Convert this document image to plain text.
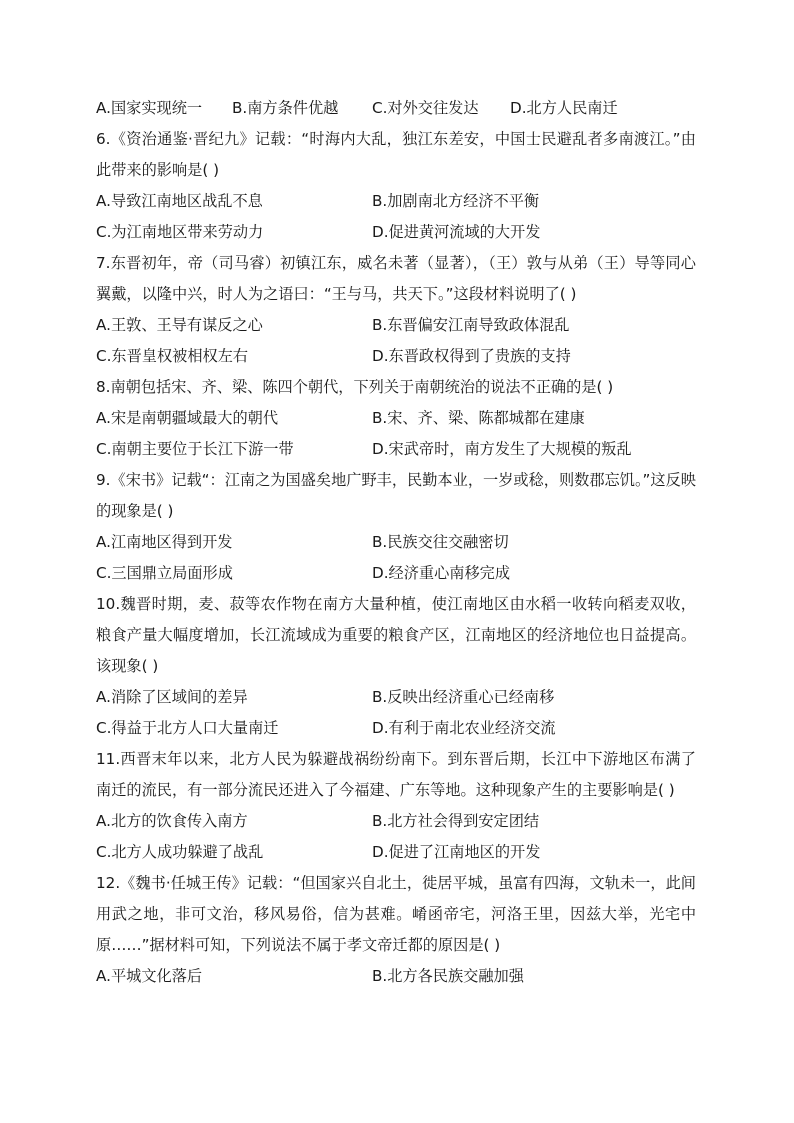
A.国家实现统一 B.南方条件优越 C.对外交往发达 D.北方人民南迁
6.《资治通鉴·晋纪九》记载：“时海内大乱，独江东差安，中国士民避乱者多南渡江。”由此带来的影响是( )
A.导致江南地区战乱不息	B.加剧南北方经济不平衡
C.为江南地区带来劳动力	D.促进黄河流域的大开发
7.东晋初年，帝（司马睿）初镇江东，威名未著（显著），（王）敦与从弟（王）导等同心翼戴，以隆中兴，时人为之语曰：“王与马，共天下。”这段材料说明了( )
A.王敦、王导有谋反之心	B.东晋偏安江南导致政体混乱
C.东晋皇权被相权左右	D.东晋政权得到了贵族的支持
8.南朝包括宋、齐、梁、陈四个朝代，下列关于南朝统治的说法不正确的是( )
A.宋是南朝疆域最大的朝代	B.宋、齐、梁、陈都城都在建康
C.南朝主要位于长江下游一带	D.宋武帝时，南方发生了大规模的叛乱
9.《宋书》记载“：江南之为国盛矣地广野丰，民勤本业，一岁或稔，则数郡忘饥。”这反映的现象是( )
A.江南地区得到开发	B.民族交往交融密切
C.三国鼎立局面形成	D.经济重心南移完成
10.魏晋时期，麦、菽等农作物在南方大量种植，使江南地区由水稻一收转向稻麦双收，粮食产量大幅度增加，长江流域成为重要的粮食产区，江南地区的经济地位也日益提高。该现象( )
A.消除了区域间的差异	B.反映出经济重心已经南移
C.得益于北方人口大量南迁	D.有利于南北农业经济交流
11.西晋末年以来，北方人民为躲避战祸纷纷南下。到东晋后期，长江中下游地区布满了南迁的流民，有一部分流民还进入了今福建、广东等地。这种现象产生的主要影响是( )
A.北方的饮食传入南方	B.北方社会得到安定团结
C.北方人成功躲避了战乱	D.促进了江南地区的开发
12.《魏书·任城王传》记载：“但国家兴自北土，徙居平城，虽富有四海，文轨未一，此间用武之地，非可文治，移风易俗，信为甚难。崤函帝宅，河洛王里，因兹大举，光宅中原……”据材料可知，下列说法不属于孝文帝迁都的原因是( )
A.平城文化落后	B.北方各民族交融加强
